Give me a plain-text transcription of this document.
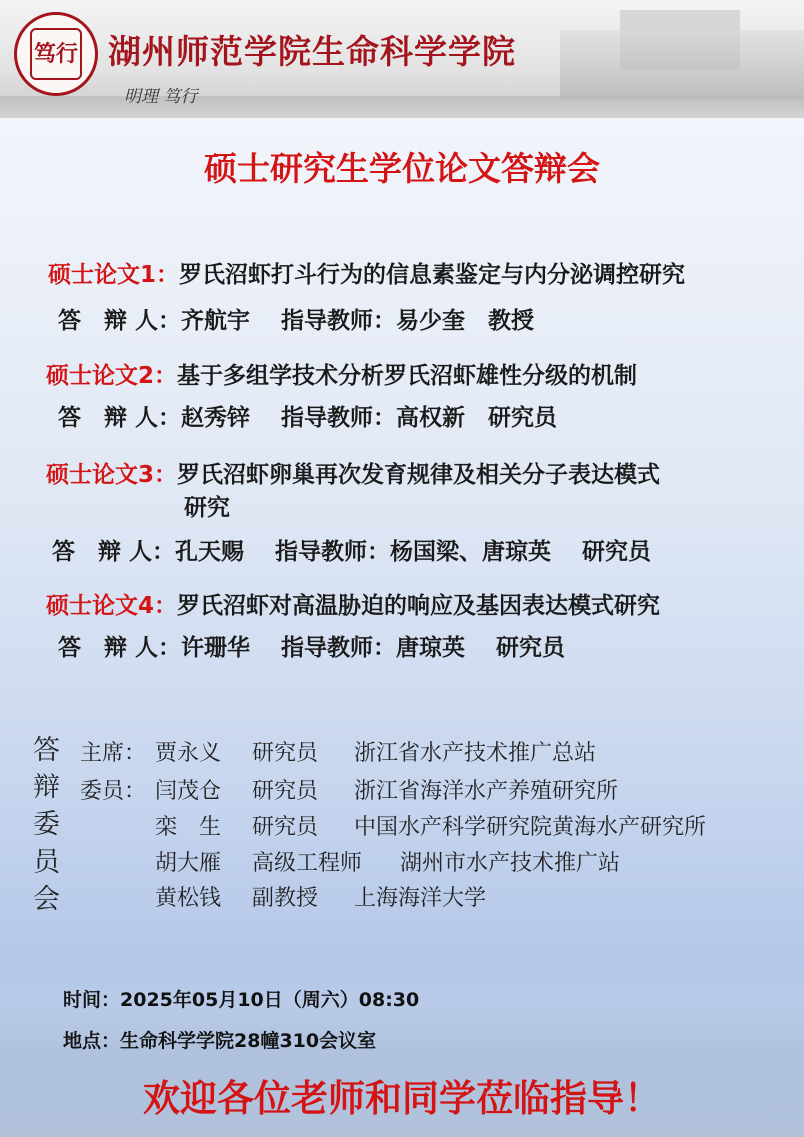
笃行 湖州师范学院生命科学学院
明理 笃行
硕士研究生学位论文答辩会
硕士论文1：罗氏沼虾打斗行为的信息素鉴定与内分泌调控研究
答　辩 人：齐航宇　 指导教师：易少奎　教授
硕士论文2：基于多组学技术分析罗氏沼虾雄性分级的机制
答　辩 人：赵秀锌　 指导教师：高权新　研究员
硕士论文3：罗氏沼虾卵巢再次发育规律及相关分子表达模式
研究
答　辩 人：孔天赐　 指导教师：杨国梁、唐琼英　 研究员
硕士论文4：罗氏沼虾对高温胁迫的响应及基因表达模式研究
答　辩 人：许珊华　 指导教师：唐琼英　 研究员
答
辩
委
员
会
主席： 贾永义 研究员 浙江省水产技术推广总站
委员： 闫茂仓 研究员 浙江省海洋水产养殖研究所
栾　生 研究员 中国水产科学研究院黄海水产研究所
胡大雁 高级工程师 湖州市水产技术推广站
黄松钱 副教授 上海海洋大学
时间：2025年05月10日（周六）08:30
地点：生命科学学院28幢310会议室
欢迎各位老师和同学莅临指导！
